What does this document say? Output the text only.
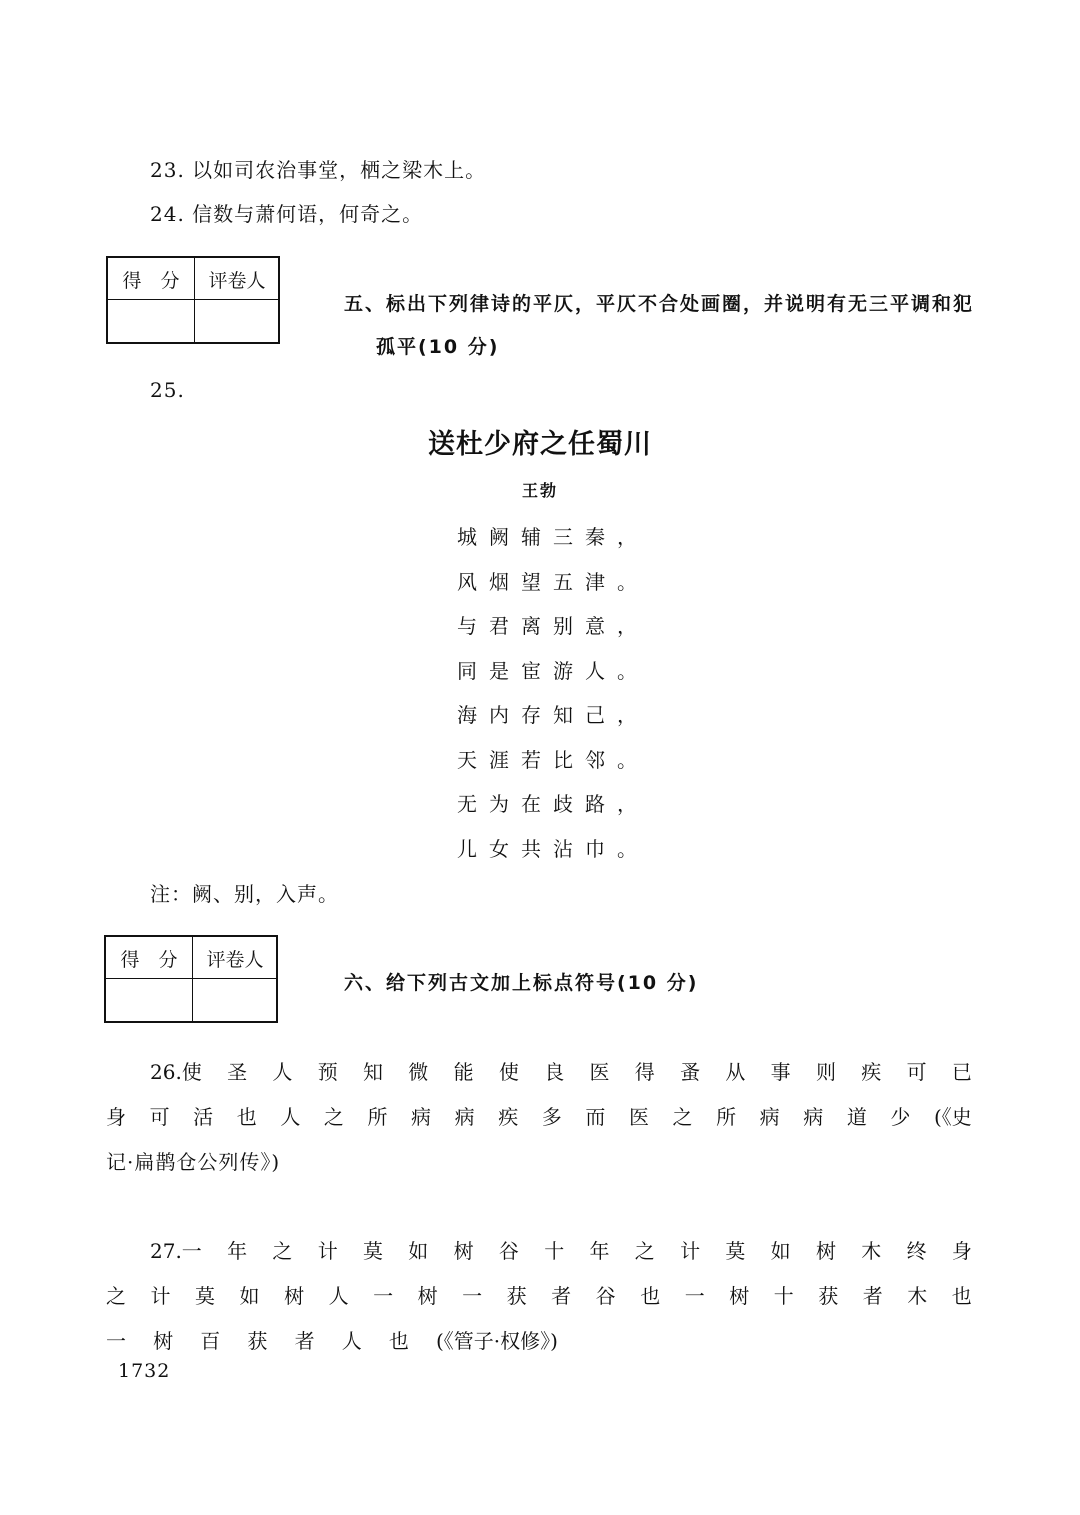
23. 以如司农治事堂，栖之梁木上。
24. 信数与萧何语，何奇之。
得　分	评卷人
五、标出下列律诗的平仄，平仄不合处画圈，并说明有无三平调和犯
孤平(10 分)
25.
送杜少府之任蜀川
王勃
城阙辅三秦，
风烟望五津。
与君离别意，
同是宦游人。
海内存知己，
天涯若比邻。
无为在歧路，
儿女共沾巾。
注：阙、别，入声。
得　分	评卷人
六、给下列古文加上标点符号(10 分)
26.使 圣 人 预 知 微 能 使 良 医 得 蚤 从 事 则 疾 可 已
身 可 活 也 人 之 所 病 病 疾 多 而 医 之 所 病 病 道 少 (《史
记·扁鹊仓公列传》)
27.一 年 之 计 莫 如 树 谷 十 年 之 计 莫 如 树 木 终 身
之 计 莫 如 树 人 一 树 一 获 者 谷 也 一 树 十 获 者 木 也
一 树 百 获 者 人 也 (《管子·权修》)
1732
